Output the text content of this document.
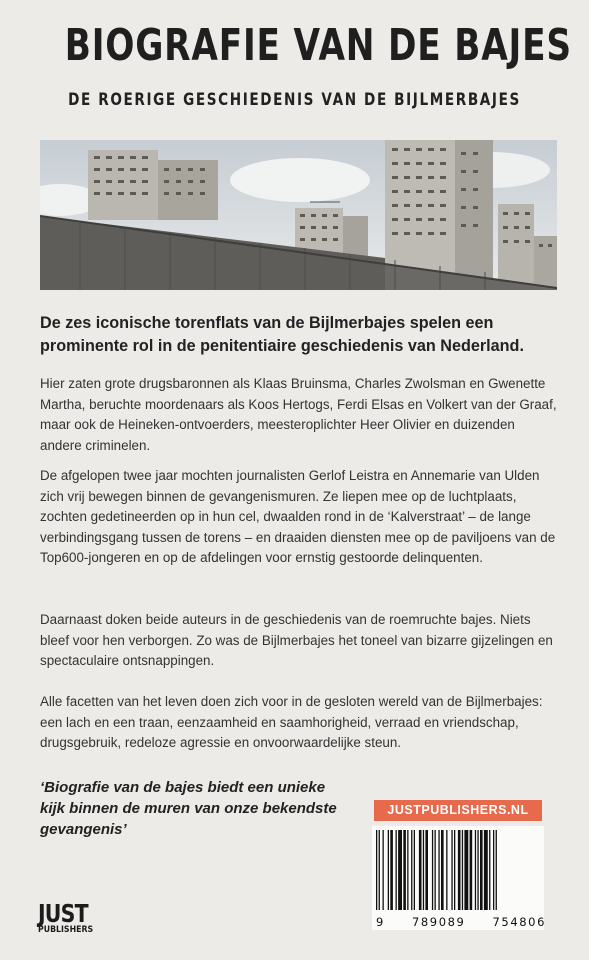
BIOGRAFIE VAN DE BAJES
DE ROERIGE GESCHIEDENIS VAN DE BIJLMERBAJES
De zes iconische torenflats van de Bijlmerbajes spelen een prominente rol in de penitentiaire geschiedenis van Nederland.
Hier zaten grote drugsbaronnen als Klaas Bruinsma, Charles Zwolsman en Gwenette Martha, beruchte moordenaars als Koos Hertogs, Ferdi Elsas en Volkert van der Graaf, maar ook de Heineken-ontvoerders, meesteroplichter Heer Olivier en duizenden andere criminelen.
De afgelopen twee jaar mochten journalisten Gerlof Leistra en Annemarie van Ulden zich vrij bewegen binnen de gevangenismuren. Ze liepen mee op de luchtplaats, zochten gedetineerden op in hun cel, dwaalden rond in de ‘Kalverstraat’ – de lange verbindingsgang tussen de torens – en draaiden diensten mee op de paviljoens van de Top600-jongeren en op de afdelingen voor ernstig gestoorde delinquenten.
Daarnaast doken beide auteurs in de geschiedenis van de roemruchte bajes. Niets bleef voor hen verborgen. Zo was de Bijlmerbajes het toneel van bizarre gijzelingen en spectaculaire ontsnappingen.
Alle facetten van het leven doen zich voor in de gesloten wereld van de Bijlmerbajes: een lach en een traan, eenzaamheid en saamhorigheid, verraad en vriendschap, drugsgebruik, redeloze agressie en onvoorwaardelijke steun.
‘Biografie van de bajes biedt een unieke kijk binnen de muren van onze bekendste gevangenis’
JUSTPUBLISHERS.NL
9 789089 754806
JUST
PUBLISHERS
